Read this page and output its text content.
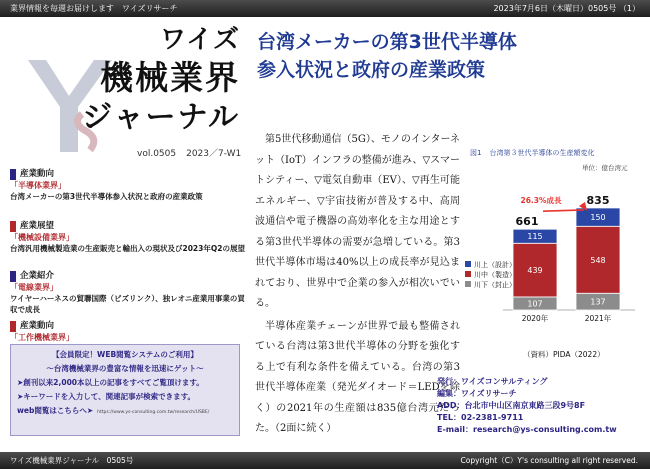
業界情報を毎週お届けします　ワイズリサーチ	2023年7月6日（木曜日）0505号 （1）
ワイズ
機械業界
ジャーナル
vol.0505 2023／7-W1
台湾メーカーの第3世代半導体
参入状況と政府の産業政策
産業動向
「半導体業界」
台湾メーカーの第3世代半導体参入状況と政府の産業政策
産業展望
「機械設備業界」
台湾汎用機械製造業の生産販売と輸出入の現状及び2023年Q2の展望
企業紹介
「電線業界」
ワイヤーハーネスの貿聯国際（ビズリンク）、独レオニ産業用事業の買収で成長
産業動向
「工作機械業界」
【会員限定！WEB閲覧システムのご利用】
～台湾機械業界の豊富な情報を迅速にゲット～
➤創刊以来2,000本以上の記事をすべてご覧頂けます。
➤キーワードを入力して、関連記事が検索できます。
web閲覧はこちらへ➤ https://www.ys-consulting.com.tw/research/USBE/

第5世代移動通信（5G）、モノのインターネット（IoT）インフラの整備が進み、▽スマートシティー、▽電気自動車（EV）、▽再生可能エネルギー、▽宇宙技術が普及する中、高周波通信や電子機器の高効率化を主な用途とする第3世代半導体の需要が急増している。第3世代半導体市場は40%以上の成長率が見込まれており、世界中で企業の参入が相次いでいる。

半導体産業チェーンが世界で最も整備されている台湾は第3世代半導体の分野を強化する上で有利な条件を備えている。台湾の第3世代半導体産業（発光ダイオード＝LEDを除く）の2021年の生産額は835億台湾元だった。（2面に続く）

図1 台湾第３世代半導体の生産額変化
単位：億台湾元
107
439
115
2020年
661
137
548
150
2021年
835
26.3%成長
川上（設計）
川中（製造）
川下（封止）
（資料）PIDA（2022）
発行：ワイズコンサルティング
編集：ワイズリサーチ
ADD：台北市中山区南京東路三段9号8F
TEL：02-2381-9711
E-mail：research@ys-consulting.com.tw
ワイズ機械業界ジャーナル　0505号	Copyright（C）Y's consulting all right reserved.
